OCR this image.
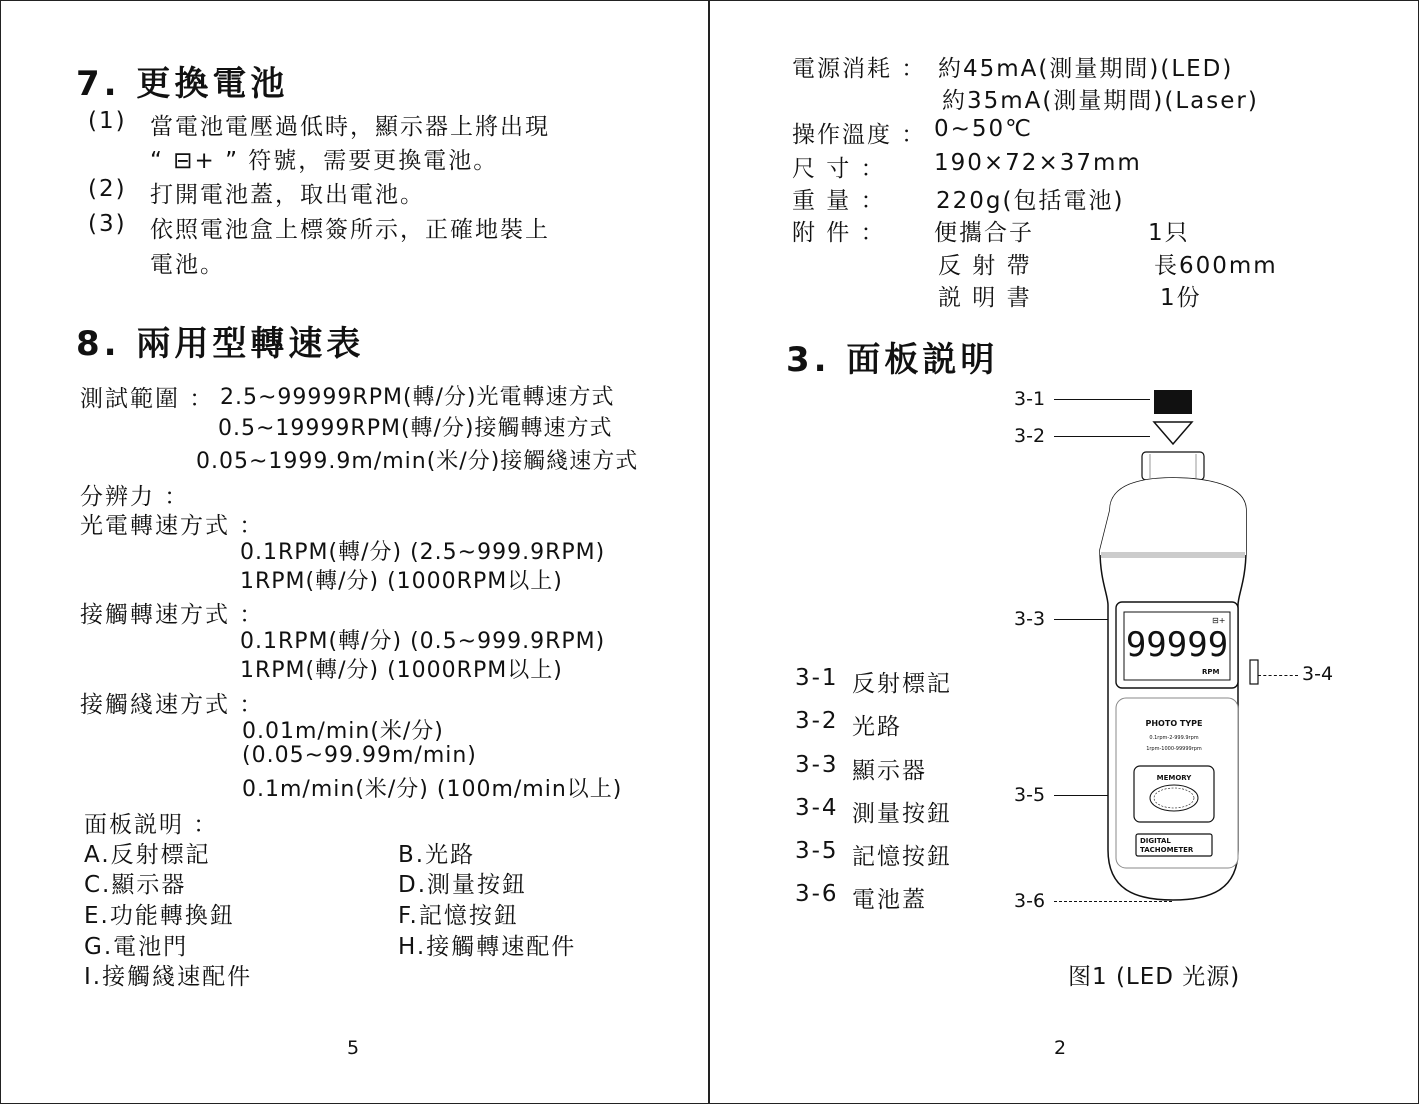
7. 更換電池
(1) 當電池電壓過低時，顯示器上將出現
“ ⊟+ ” 符號，需要更換電池。
(2) 打開電池蓋，取出電池。
(3) 依照電池盒上標簽所示，正確地裝上
電池。
8. 兩用型轉速表
測試範圍 ： 2.5~99999RPM(轉/分)光電轉速方式
0.5~19999RPM(轉/分)接觸轉速方式
0.05~1999.9m/min(米/分)接觸綫速方式
分辨力 ：
光電轉速方式 ：
0.1RPM(轉/分) (2.5~999.9RPM)
1RPM(轉/分) (1000RPM以上)
接觸轉速方式 ：
0.1RPM(轉/分) (0.5~999.9RPM)
1RPM(轉/分) (1000RPM以上)
接觸綫速方式 ：
0.01m/min(米/分)
(0.05~99.99m/min)
0.1m/min(米/分) (100m/min以上)
面板説明 ：
A.反射標記	B.光路
C.顯示器	D.測量按鈕
E.功能轉換鈕	F.記憶按鈕
G.電池門	H.接觸轉速配件
I.接觸綫速配件
5
電源消耗 ： 約45mA(測量期間)(LED)
約35mA(測量期間)(Laser)
操作溫度 ： 0~50℃
尺 寸 ： 190×72×37mm
重 量 ： 220g(包括電池)
附 件 ： 便攜合子	1只
反 射 帶	長600mm
説 明 書	1份
3. 面板説明
3-1 反射標記
3-2 光路
3-3 顯示器
3-4 測量按鈕
3-5 記憶按鈕
3-6 電池蓋
3-1
3-2
3-3
3-4
3-5
3-6
99999
⊟+
RPM
PHOTO TYPE
0.1rpm-2-999.9rpm
1rpm-1000-99999rpm
MEMORY
DIGITAL
TACHOMETER
图1 (LED 光源)
2
